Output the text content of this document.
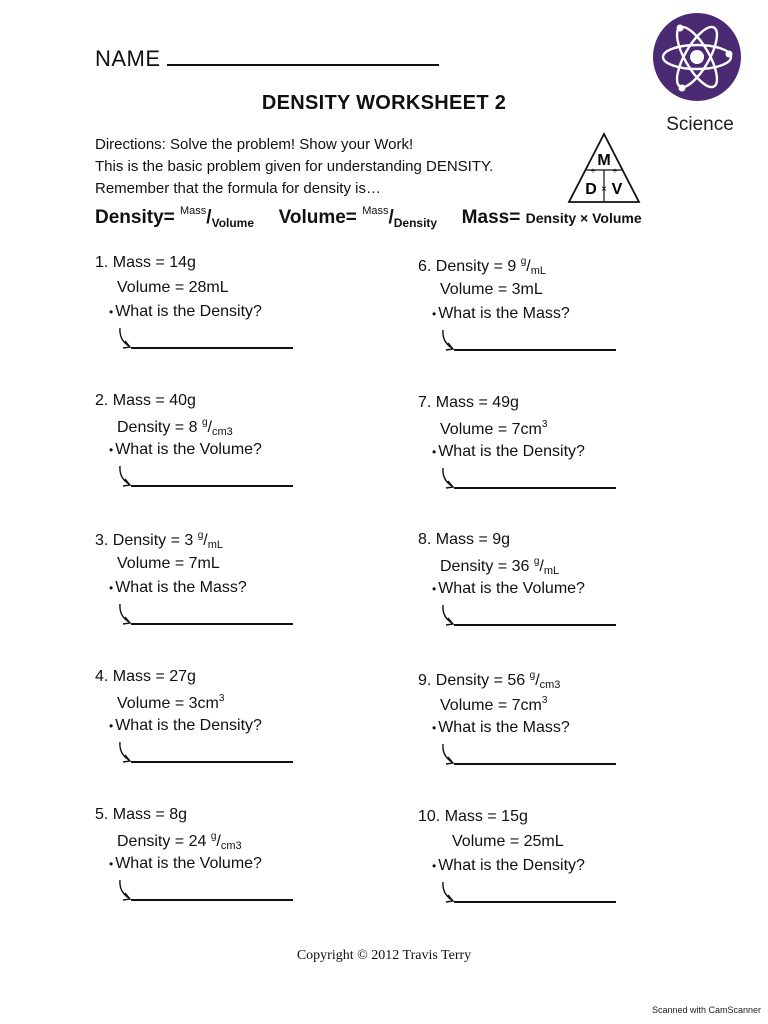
NAME
DENSITY WORKSHEET 2
Science
Directions: Solve the problem! Show your Work!
This is the basic problem given for understanding DENSITY.
Remember that the formula for density is…
M
÷ ÷
D × V
Density= $^{Mass}/_{Volume}$ Volume= $^{Mass}/_{Density}$ Mass= Density × Volume
1. Mass = 14g
Volume = 28mL
• What is the Density?
2. Mass = 40g
Density = 8 $^g/_{cm3}$
• What is the Volume?
3. Density = 3 $^g/_{mL}$
Volume = 7mL
• What is the Mass?
4. Mass = 27g
Volume = $3cm^3$
• What is the Density?
5. Mass = 8g
Density = 24 $^g/_{cm3}$
• What is the Volume?
6. Density = 9 $^g/_{mL}$
Volume = 3mL
• What is the Mass?
7. Mass = 49g
Volume = $7cm^3$
• What is the Density?
8. Mass = 9g
Density = 36 $^g/_{mL}$
• What is the Volume?
9. Density = 56 $^g/_{cm3}$
Volume = $7cm^3$
• What is the Mass?
10. Mass = 15g
Volume = 25mL
• What is the Density?
Copyright © 2012 Travis Terry
Scanned with CamScanner
